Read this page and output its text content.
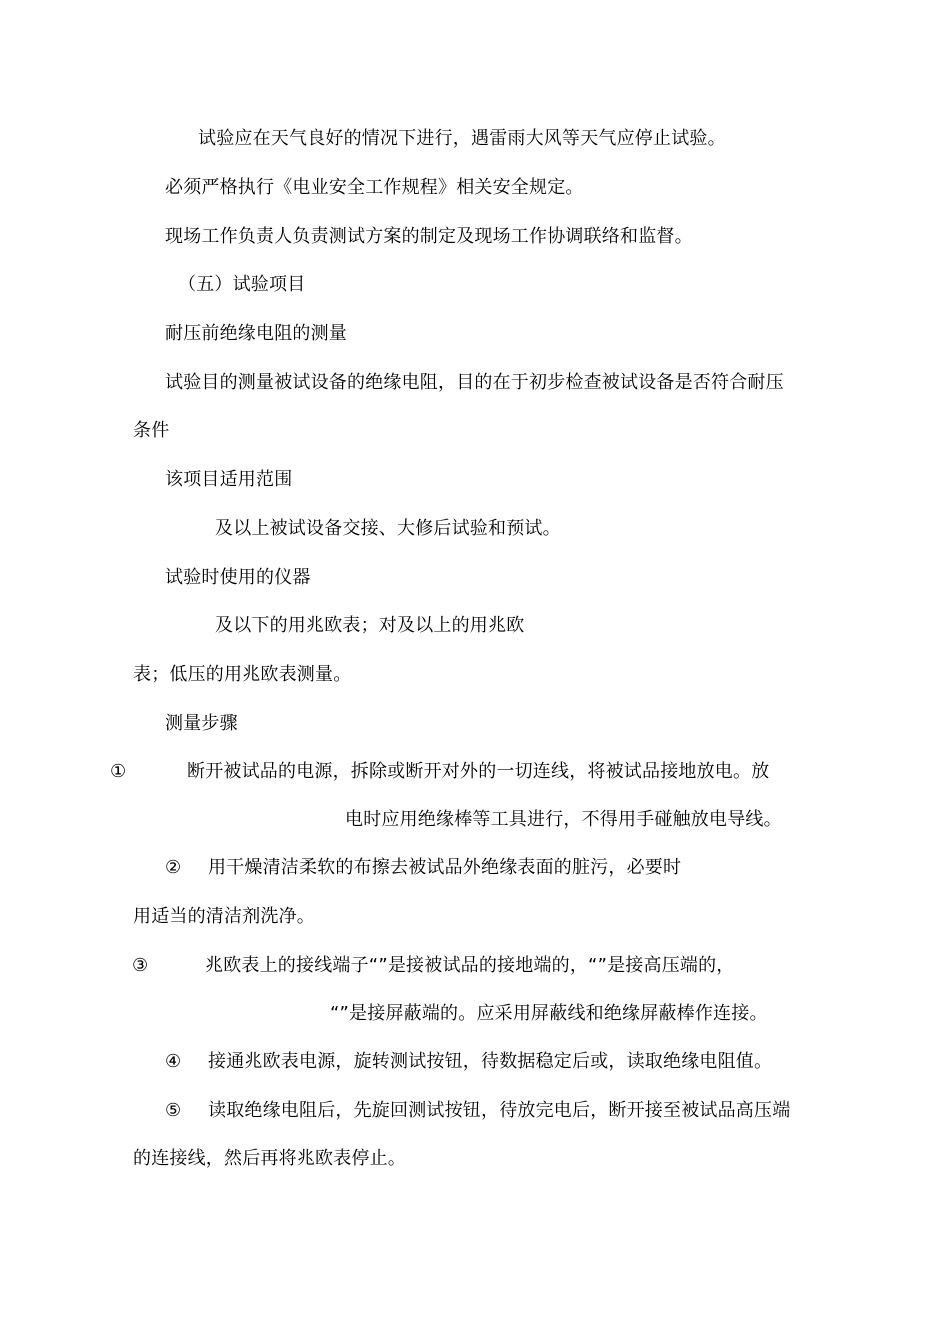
试验应在天气良好的情况下进行，遇雷雨大风等天气应停止试验。
必须严格执行《电业安全工作规程》相关安全规定。
现场工作负责人负责测试方案的制定及现场工作协调联络和监督。
（五）试验项目
耐压前绝缘电阻的测量
试验目的测量被试设备的绝缘电阻，目的在于初步检查被试设备是否符合耐压
条件
该项目适用范围
及以上被试设备交接、大修后试验和预试。
试验时使用的仪器
及以下的用兆欧表；对及以上的用兆欧
表；低压的用兆欧表测量。
测量步骤
①	断开被试品的电源，拆除或断开对外的一切连线，将被试品接地放电。放
电时应用绝缘棒等工具进行，不得用手碰触放电导线。
② 用干燥清洁柔软的布擦去被试品外绝缘表面的脏污，必要时
用适当的清洁剂洗净。
③	兆欧表上的接线端子“”是接被试品的接地端的，“”是接高压端的，
“”是接屏蔽端的。应采用屏蔽线和绝缘屏蔽棒作连接。
④ 接通兆欧表电源，旋转测试按钮，待数据稳定后或，读取绝缘电阻值。
⑤ 读取绝缘电阻后，先旋回测试按钮，待放完电后，断开接至被试品高压端
的连接线，然后再将兆欧表停止。
